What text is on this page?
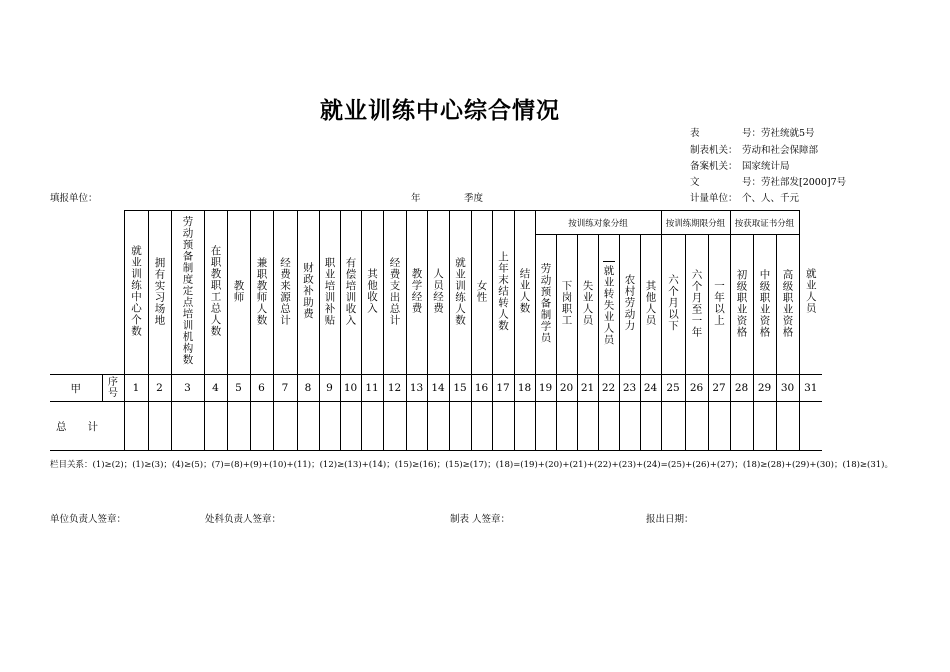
就业训练中心综合情况
表　　　号：劳社统就5号
制表机关： 劳动和社会保障部
备案机关： 国家统计局
文　　　号：劳社部发[2000]7号
计量单位： 个、人、千元
填报单位：	年	季度
		就业训练中心个数	拥有实习场地	劳动预备制度定点培训机构数	在职教职工总人数	教师	兼职教师人数	经费来源总计	财政补助费	职业培训补贴	有偿培训收入	其他收入	经费支出总计	教学经费	人员经费	就业训练人数	女性	上年末结转人数	结业人数	按训练对象分组						按训练期限分组			按获取证书分组			就业人员
																				劳动预备制学员	下岗职工	失业人员	就业转失业人员	农村劳动力	其他人员	六个月以下	六个月至一年	一年以上	初级职业资格	中级职业资格	高级职业资格	
甲	序号	1	2	3	4	5	6	7	8	9	10	11	12	13	14	15	16	17	18	19	20	21	22	23	24	25	26	27	28	29	30	31
总　　计																																
栏目关系：(1)≥(2)；(1)≥(3)；(4)≥(5)；(7)=(8)+(9)+(10)+(11)；(12)≥(13)+(14)；(15)≥(16)；(15)≥(17)；(18)=(19)+(20)+(21)+(22)+(23)+(24)=(25)+(26)+(27)；(18)≥(28)+(29)+(30)；(18)≥(31)。
单位负责人签章：	处科负责人签章：	制表 人签章：	报出日期：
